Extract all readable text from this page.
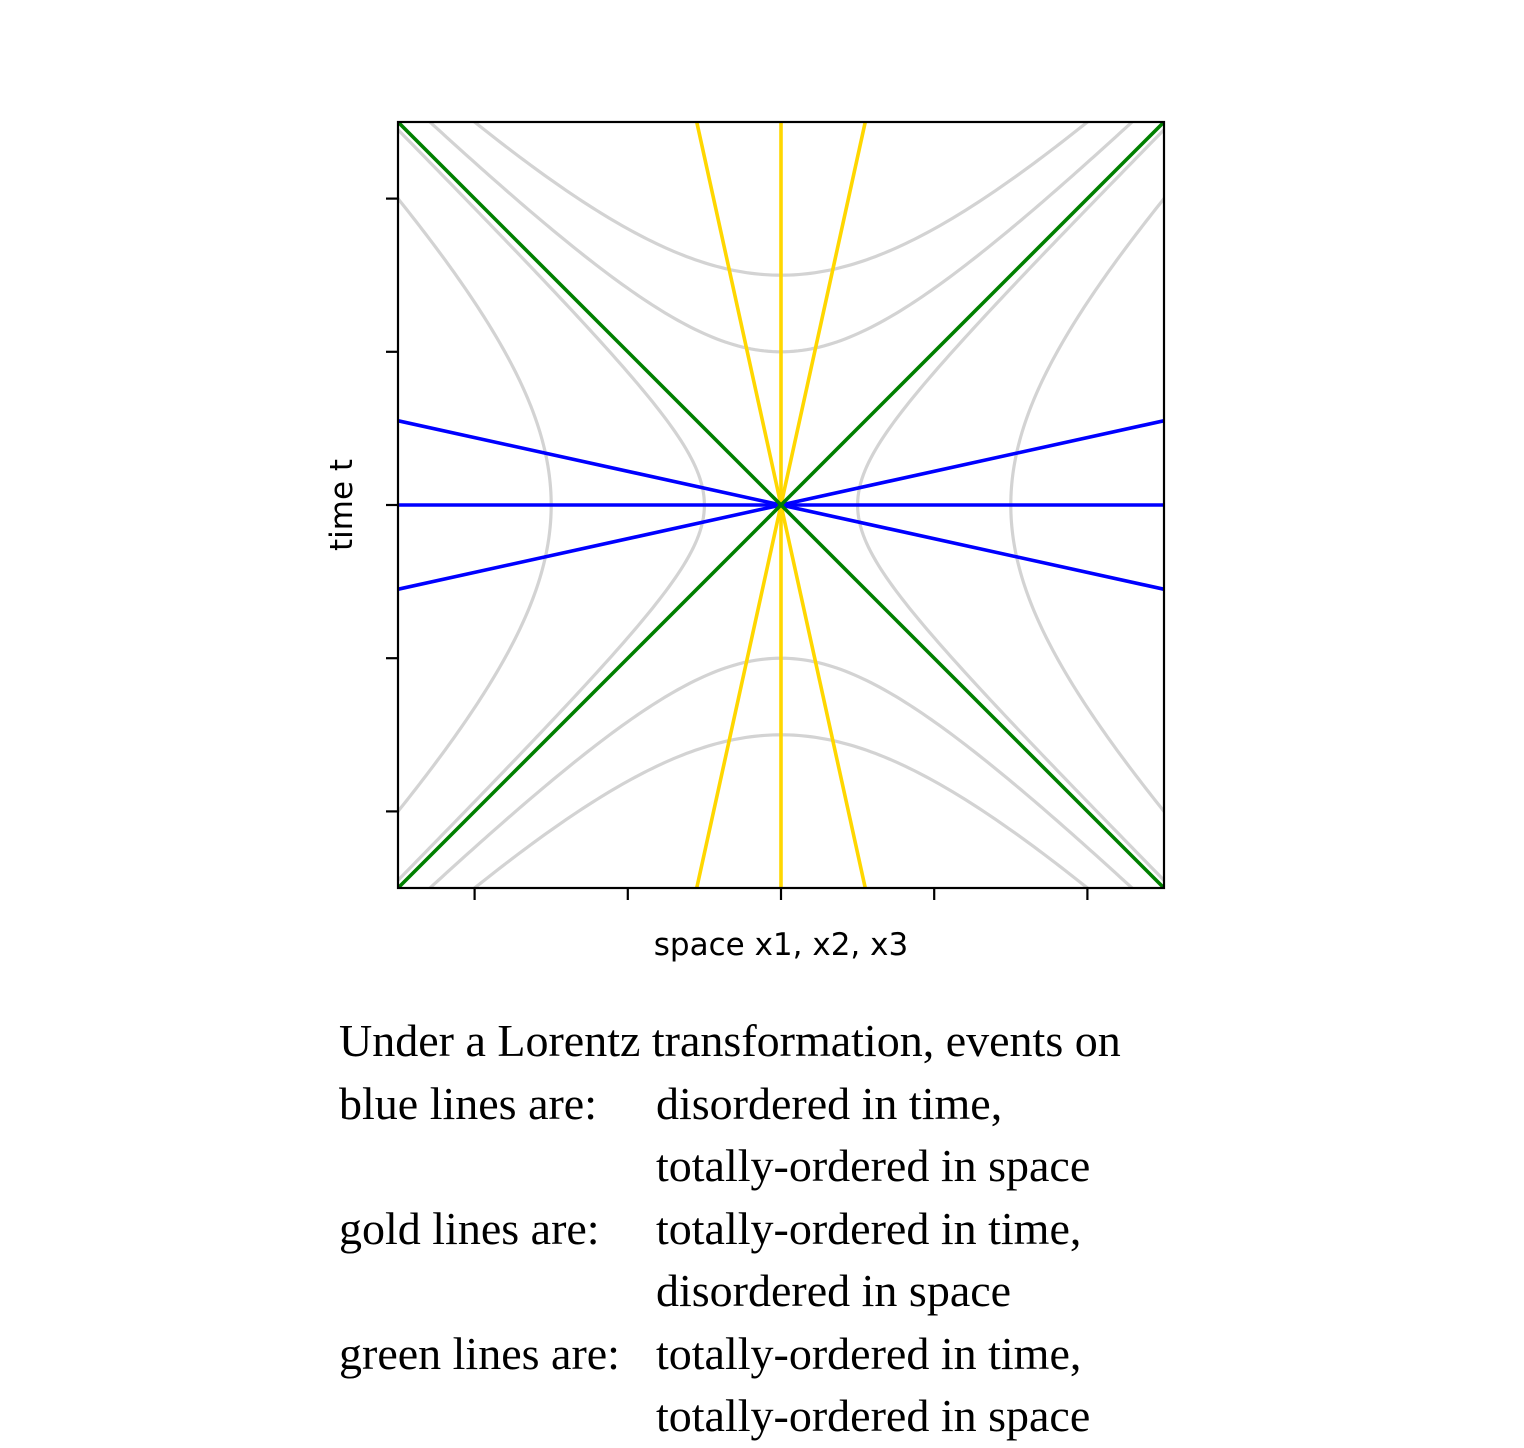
space x1, x2, x3
time t
Under a Lorentz transformation, events on
blue lines are:	disordered in time,
totally-ordered in space
gold lines are:	totally-ordered in time,
disordered in space
green lines are: totally-ordered in time,
totally-ordered in space
